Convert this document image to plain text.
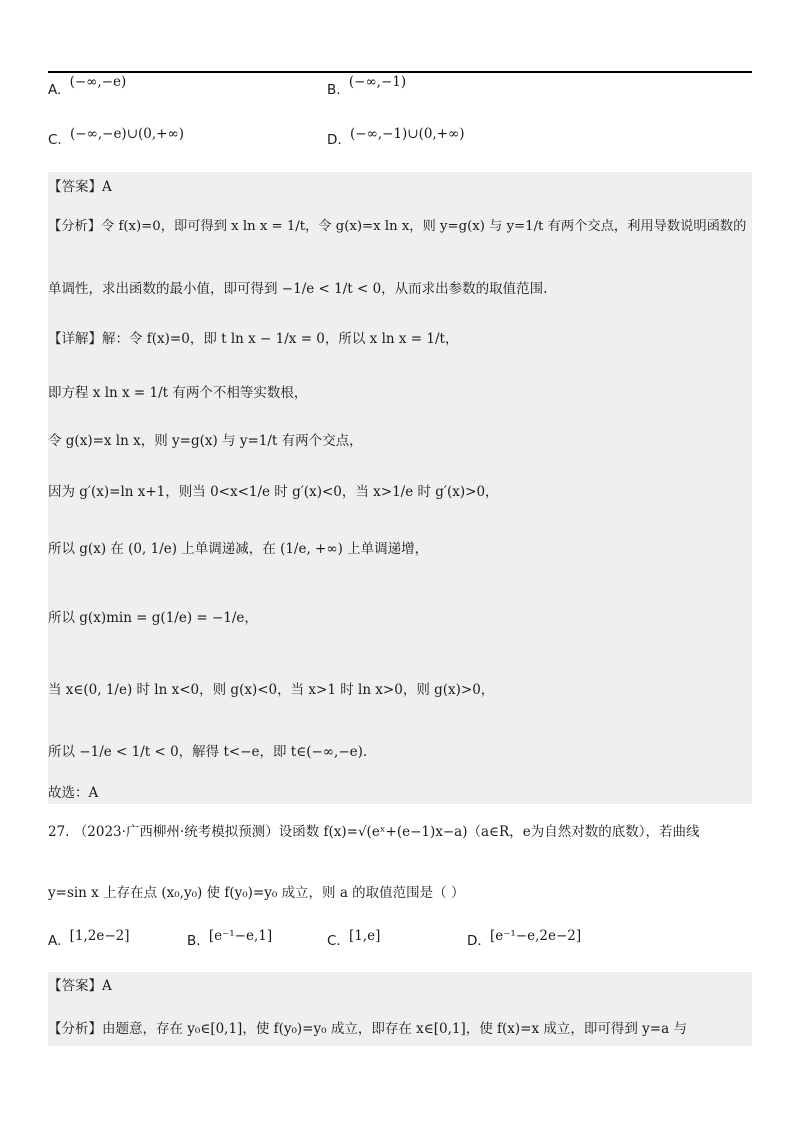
A. (−∞,−e)	B. (−∞,−1)
C. (−∞,−e)∪(0,+∞)	D. (−∞,−1)∪(0,+∞)
【答案】A
【分析】令 f(x)=0，即可得到 x ln x = 1/t，令 g(x)=x ln x，则 y=g(x) 与 y=1/t 有两个交点，利用导数说明函数的
单调性，求出函数的最小值，即可得到 −1/e < 1/t < 0，从而求出参数的取值范围.
【详解】解：令 f(x)=0，即 t ln x − 1/x = 0，所以 x ln x = 1/t，
即方程 x ln x = 1/t 有两个不相等实数根，
令 g(x)=x ln x，则 y=g(x) 与 y=1/t 有两个交点，
因为 g′(x)=ln x+1，则当 0<x<1/e 时 g′(x)<0，当 x>1/e 时 g′(x)>0，
所以 g(x) 在 (0, 1/e) 上单调递减，在 (1/e, +∞) 上单调递增，
所以 g(x)min = g(1/e) = −1/e，
当 x∈(0, 1/e) 时 ln x<0，则 g(x)<0，当 x>1 时 ln x>0，则 g(x)>0，
所以 −1/e < 1/t < 0，解得 t<−e，即 t∈(−∞,−e).
故选：A
27. （2023·广西柳州·统考模拟预测）设函数 f(x)=√(eˣ+(e−1)x−a)（a∈R，e为自然对数的底数），若曲线
y=sin x 上存在点 (x₀,y₀) 使 f(y₀)=y₀ 成立，则 a 的取值范围是（ ）
A. [1,2e−2]	B. [e⁻¹−e,1]	C. [1,e]	D. [e⁻¹−e,2e−2]
【答案】A
【分析】由题意，存在 y₀∈[0,1]，使 f(y₀)=y₀ 成立，即存在 x∈[0,1]，使 f(x)=x 成立，即可得到 y=a 与
